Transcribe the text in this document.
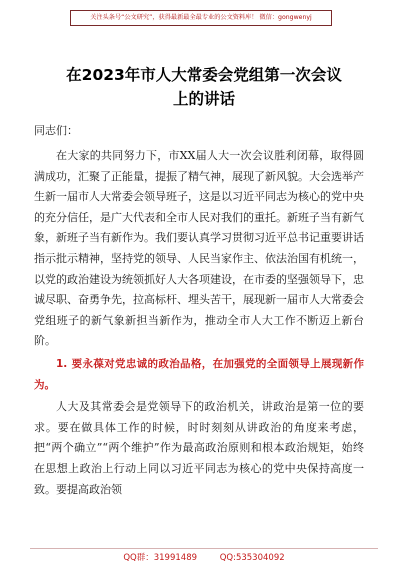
关注头条号“公文研究”，获得最新最全最专业的公文资料库！ 微信：gongwenyj
在2023年市人大常委会党组第一次会议
上的讲话
同志们：

在大家的共同努力下，市XX届人大一次会议胜利闭幕，取得圆满成功，汇聚了正能量，提振了精气神，展现了新风貌。大会选举产生新一届市人大常委会领导班子，这是以习近平同志为核心的党中央的充分信任，是广大代表和全市人民对我们的重托。新班子当有新气象，新班子当有新作为。我们要认真学习贯彻习近平总书记重要讲话指示批示精神，坚持党的领导、人民当家作主、依法治国有机统一，以党的政治建设为统领抓好人大各项建设，在市委的坚强领导下，忠诚尽职、奋勇争先，拉高标杆、埋头苦干，展现新一届市人大常委会党组班子的新气象新担当新作为，推动全市人大工作不断迈上新台阶。

1. 要永葆对党忠诚的政治品格，在加强党的全面领导上展现新作为。

人大及其常委会是党领导下的政治机关，讲政治是第一位的要求。要在做具体工作的时候，时时刻刻从讲政治的角度来考虑，把“两个确立”“两个维护”作为最高政治原则和根本政治规矩，始终在思想上政治上行动上同以习近平同志为核心的党中央保持高度一致。要提高政治领

QQ群：31991489	QQ:535304092
